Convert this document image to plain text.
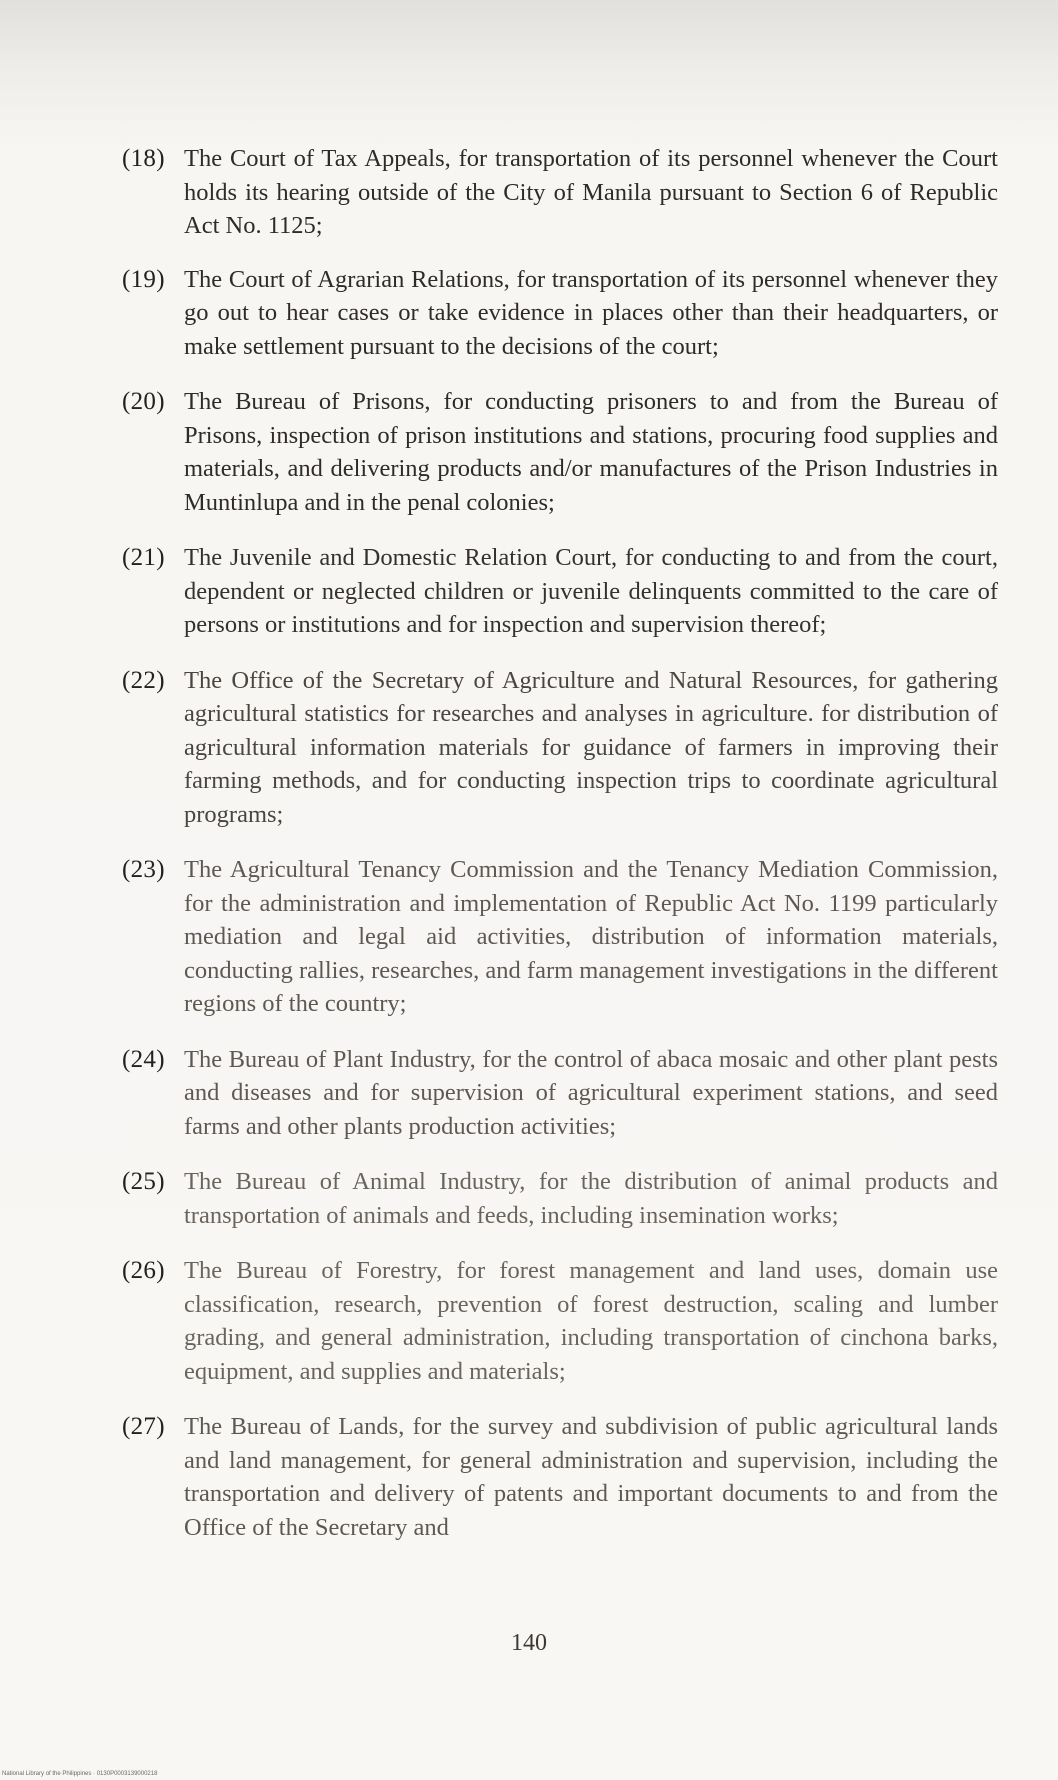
(18) The Court of Tax Appeals, for transportation of its personnel whenever the Court holds its hearing outside of the City of Manila pursuant to Section 6 of Republic Act No. 1125;

(19) The Court of Agrarian Relations, for transportation of its personnel whenever they go out to hear cases or take evidence in places other than their headquarters, or make settlement pursuant to the decisions of the court;

(20) The Bureau of Prisons, for conducting prisoners to and from the Bureau of Prisons, inspection of prison institutions and stations, procuring food supplies and materials, and delivering products and/or manufactures of the Prison Industries in Muntinlupa and in the penal colonies;

(21) The Juvenile and Domestic Relation Court, for conducting to and from the court, dependent or neglected children or juvenile delinquents committed to the care of persons or institutions and for inspection and supervision thereof;

(22) The Office of the Secretary of Agriculture and Natural Resources, for gathering agricultural statistics for researches and analyses in agriculture. for distribution of agricultural information materials for guidance of farmers in improving their farming methods, and for conducting inspection trips to coordinate agricultural programs;

(23) The Agricultural Tenancy Commission and the Tenancy Mediation Commission, for the administration and implementation of Republic Act No. 1199 particularly mediation and legal aid activities, distribution of information materials, conducting rallies, researches, and farm management investigations in the different regions of the country;

(24) The Bureau of Plant Industry, for the control of abaca mosaic and other plant pests and diseases and for supervision of agricultural experiment stations, and seed farms and other plants production activities;

(25) The Bureau of Animal Industry, for the distribution of animal products and transportation of animals and feeds, including insemination works;

(26) The Bureau of Forestry, for forest management and land uses, domain use classification, research, prevention of forest destruction, scaling and lumber grading, and general administration, including transportation of cinchona barks, equipment, and supplies and materials;

(27) The Bureau of Lands, for the survey and subdivision of public agricultural lands and land management, for general administration and supervision, including the transportation and delivery of patents and important documents to and from the Office of the Secretary and

140
National Library of the Philippines · 0130P0003139000218
